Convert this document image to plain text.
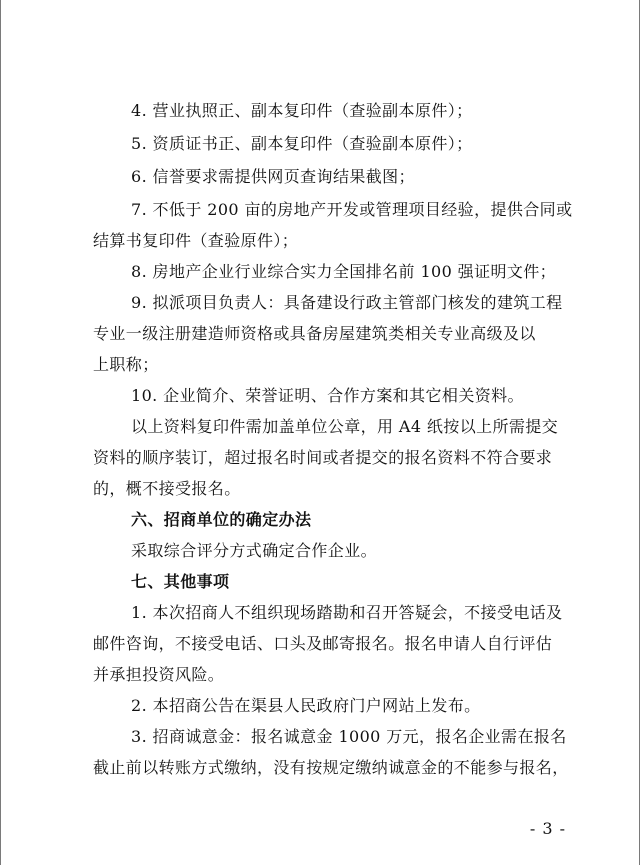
4. 营业执照正、副本复印件（查验副本原件）；
5. 资质证书正、副本复印件（查验副本原件）；
6. 信誉要求需提供网页查询结果截图；
7. 不低于 200 亩的房地产开发或管理项目经验，提供合同或
结算书复印件（查验原件）；
8. 房地产企业行业综合实力全国排名前 100 强证明文件；
9. 拟派项目负责人：具备建设行政主管部门核发的建筑工程
专业一级注册建造师资格或具备房屋建筑类相关专业高级及以
上职称；
10. 企业简介、荣誉证明、合作方案和其它相关资料。
以上资料复印件需加盖单位公章，用 A4 纸按以上所需提交
资料的顺序装订，超过报名时间或者提交的报名资料不符合要求
的，概不接受报名。
六、招商单位的确定办法
采取综合评分方式确定合作企业。
七、其他事项
1. 本次招商人不组织现场踏勘和召开答疑会，不接受电话及
邮件咨询，不接受电话、口头及邮寄报名。报名申请人自行评估
并承担投资风险。
2. 本招商公告在渠县人民政府门户网站上发布。
3. 招商诚意金：报名诚意金 1000 万元，报名企业需在报名
截止前以转账方式缴纳，没有按规定缴纳诚意金的不能参与报名，
- 3 -
